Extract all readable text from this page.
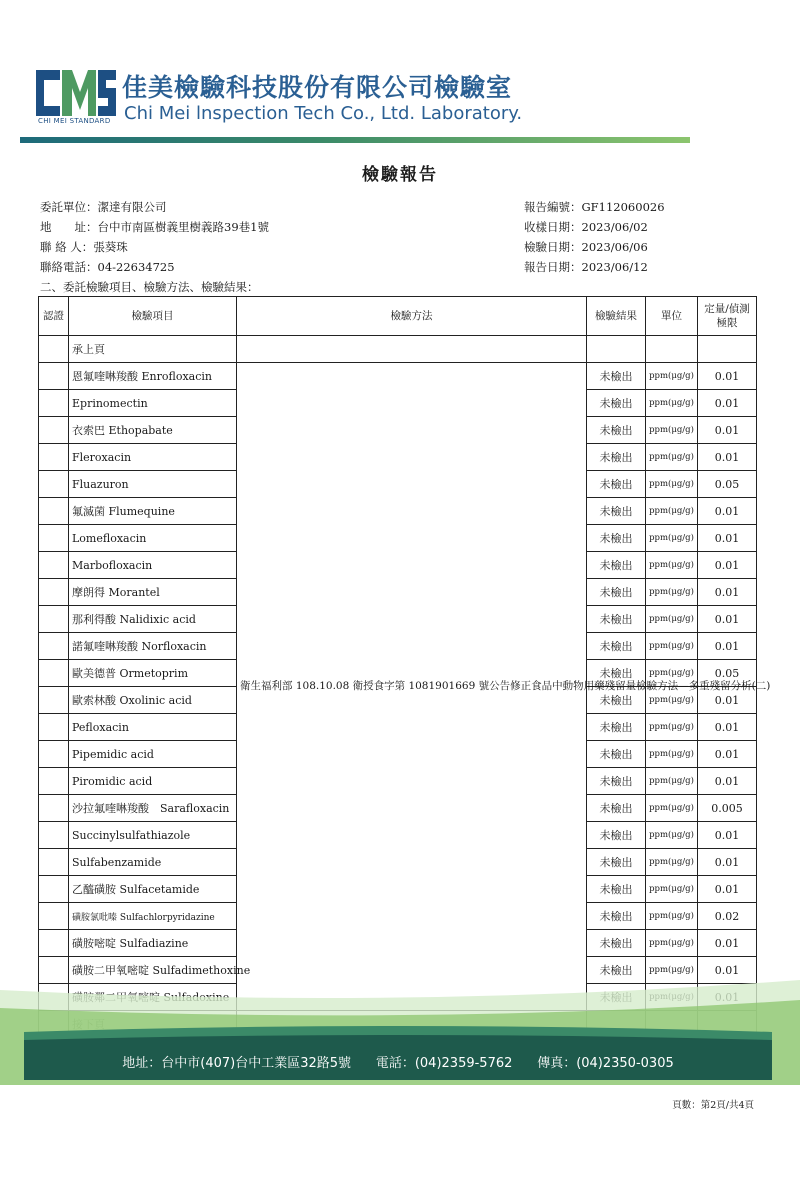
CHI MEI STANDARD
佳美檢驗科技股份有限公司檢驗室
Chi Mei lnspection Tech Co., Ltd. Laboratory.
檢驗報告
委託單位：潔達有限公司
地　　址：台中市南區樹義里樹義路39巷1號
聯 絡 人：張葵珠
聯絡電話：04-22634725
報告編號：GF112060026
收樣日期：2023/06/02
檢驗日期：2023/06/06
報告日期：2023/06/12
二、委託檢驗項目、檢驗方法、檢驗結果：
認證	檢驗項目	檢驗方法	檢驗結果	單位	定量/偵測極限
	承上頁				
	恩氟喹啉羧酸 Enrofloxacin	衛生福利部 108.10.08 衛授食字第 1081901669 號公告修正食品中動物用藥殘留量檢驗方法—多重殘留分析(二)	未檢出	ppm(μg/g)	0.01
	Eprinomectin		未檢出	ppm(μg/g)	0.01
	衣索巴 Ethopabate		未檢出	ppm(μg/g)	0.01
	Fleroxacin		未檢出	ppm(μg/g)	0.01
	Fluazuron		未檢出	ppm(μg/g)	0.05
	氟滅菌 Flumequine		未檢出	ppm(μg/g)	0.01
	Lomefloxacin		未檢出	ppm(μg/g)	0.01
	Marbofloxacin		未檢出	ppm(μg/g)	0.01
	摩朗得 Morantel		未檢出	ppm(μg/g)	0.01
	那利得酸 Nalidixic acid		未檢出	ppm(μg/g)	0.01
	諾氟喹啉羧酸 Norfloxacin		未檢出	ppm(μg/g)	0.01
	歐美德普 Ormetoprim		未檢出	ppm(μg/g)	0.05
	歐索林酸 Oxolinic acid		未檢出	ppm(μg/g)	0.01
	Pefloxacin		未檢出	ppm(μg/g)	0.01
	Pipemidic acid		未檢出	ppm(μg/g)	0.01
	Piromidic acid		未檢出	ppm(μg/g)	0.01
	沙拉氟喹啉羧酸　Sarafloxacin		未檢出	ppm(μg/g)	0.005
	Succinylsulfathiazole		未檢出	ppm(μg/g)	0.01
	Sulfabenzamide		未檢出	ppm(μg/g)	0.01
	乙醯磺胺 Sulfacetamide		未檢出	ppm(μg/g)	0.01
	磺胺氯吡嗪 Sulfachlorpyridazine		未檢出	ppm(μg/g)	0.02
	磺胺嘧啶 Sulfadiazine		未檢出	ppm(μg/g)	0.01
	磺胺二甲氧嘧啶 Sulfadimethoxine		未檢出	ppm(μg/g)	0.01

地址：台中市(407)台中工業區32路5號 電話：(04)2359-5762 傳真：(04)2350-0305
頁數：第2頁/共4頁
